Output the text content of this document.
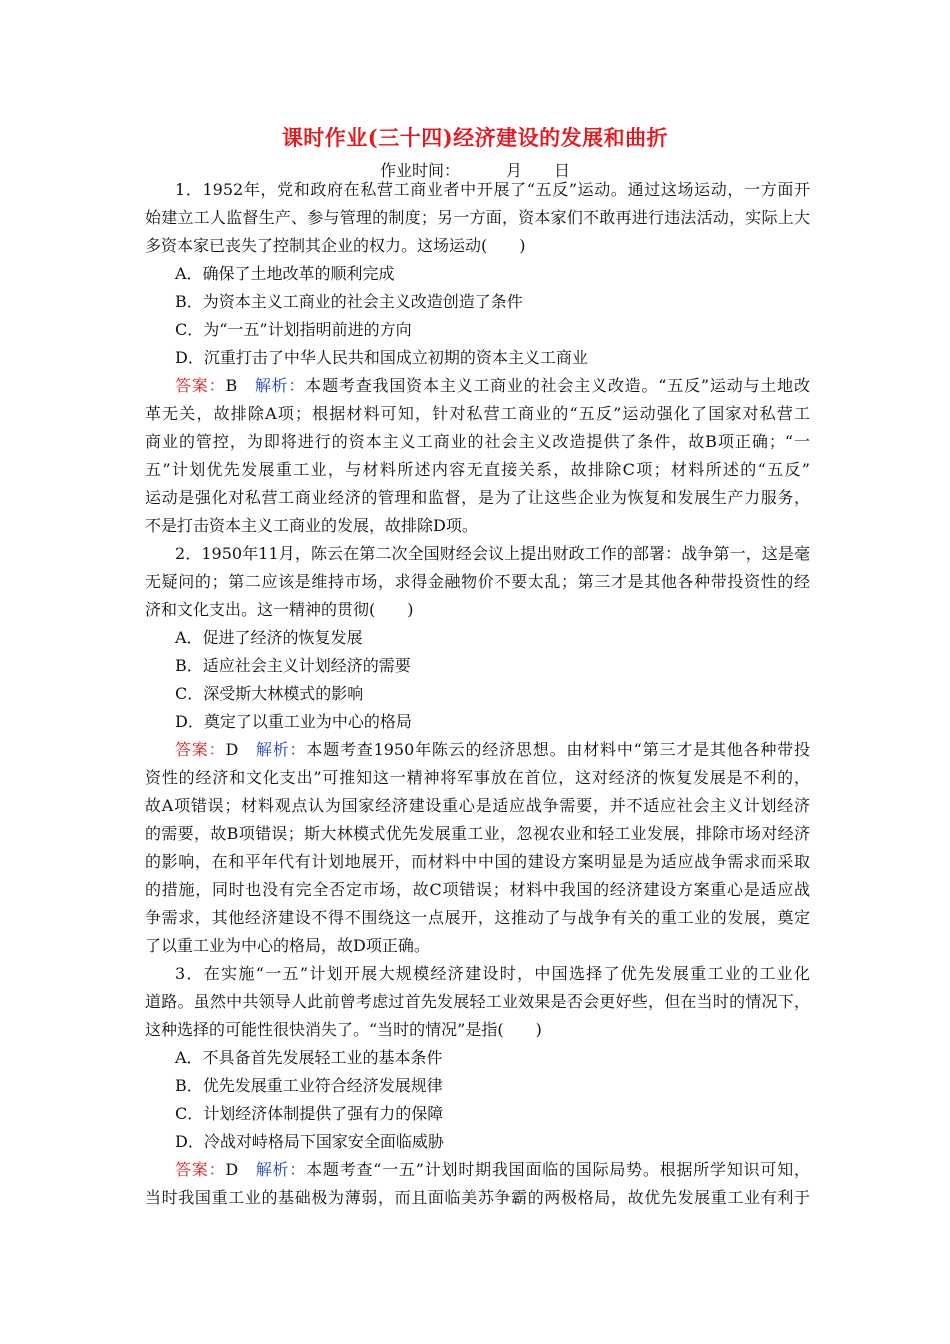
课时作业(三十四)经济建设的发展和曲折
作业时间：	月 日
1．1952年，党和政府在私营工商业者中开展了“五反”运动。通过这场运动，一方面开
始建立工人监督生产、参与管理的制度；另一方面，资本家们不敢再进行违法活动，实际上大
多资本家已丧失了控制其企业的权力。这场运动(　　)
A．确保了土地改革的顺利完成
B．为资本主义工商业的社会主义改造创造了条件
C．为“一五”计划指明前进的方向
D．沉重打击了中华人民共和国成立初期的资本主义工商业
答案：B　 解析：本题考查我国资本主义工商业的社会主义改造。“五反”运动与土地改
革无关，故排除A项；根据材料可知，针对私营工商业的“五反”运动强化了国家对私营工
商业的管控，为即将进行的资本主义工商业的社会主义改造提供了条件，故B项正确；“一
五”计划优先发展重工业，与材料所述内容无直接关系，故排除C项；材料所述的“五反”
运动是强化对私营工商业经济的管理和监督，是为了让这些企业为恢复和发展生产力服务，
不是打击资本主义工商业的发展，故排除D项。
2．1950年11月，陈云在第二次全国财经会议上提出财政工作的部署：战争第一，这是毫
无疑问的；第二应该是维持市场，求得金融物价不要太乱；第三才是其他各种带投资性的经
济和文化支出。这一精神的贯彻(　　)
A．促进了经济的恢复发展
B．适应社会主义计划经济的需要
C．深受斯大林模式的影响
D．奠定了以重工业为中心的格局
答案：D　 解析：本题考查1950年陈云的经济思想。由材料中“第三才是其他各种带投
资性的经济和文化支出”可推知这一精神将军事放在首位，这对经济的恢复发展是不利的，
故A项错误；材料观点认为国家经济建设重心是适应战争需要，并不适应社会主义计划经济
的需要，故B项错误；斯大林模式优先发展重工业，忽视农业和轻工业发展，排除市场对经济
的影响，在和平年代有计划地展开，而材料中中国的建设方案明显是为适应战争需求而采取
的措施，同时也没有完全否定市场，故C项错误；材料中我国的经济建设方案重心是适应战
争需求，其他经济建设不得不围绕这一点展开，这推动了与战争有关的重工业的发展，奠定
了以重工业为中心的格局，故D项正确。
3．在实施“一五”计划开展大规模经济建设时，中国选择了优先发展重工业的工业化
道路。虽然中共领导人此前曾考虑过首先发展轻工业效果是否会更好些，但在当时的情况下，
这种选择的可能性很快消失了。“当时的情况”是指(　　)
A．不具备首先发展轻工业的基本条件
B．优先发展重工业符合经济发展规律
C．计划经济体制提供了强有力的保障
D．冷战对峙格局下国家安全面临威胁
答案：D　 解析：本题考查“一五”计划时期我国面临的国际局势。根据所学知识可知，
当时我国重工业的基础极为薄弱，而且面临美苏争霸的两极格局，故优先发展重工业有利于
